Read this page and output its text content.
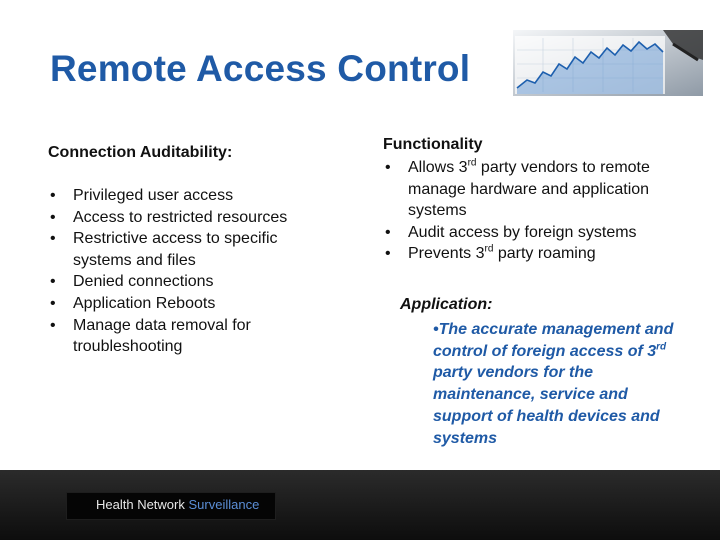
Remote Access Control
Connection Auditability:
• Privileged user access
• Access to restricted resources
• Restrictive access to specific systems and files
• Denied connections
• Application Reboots
• Manage data removal for troubleshooting
Functionality
• Allows 3rd party vendors to remote manage hardware and application systems
• Audit access by foreign systems
• Prevents 3rd party roaming
Application:
•The accurate management and control of foreign access of 3rd party vendors for the maintenance, service and support of health devices and systems
Health Network Surveillance
